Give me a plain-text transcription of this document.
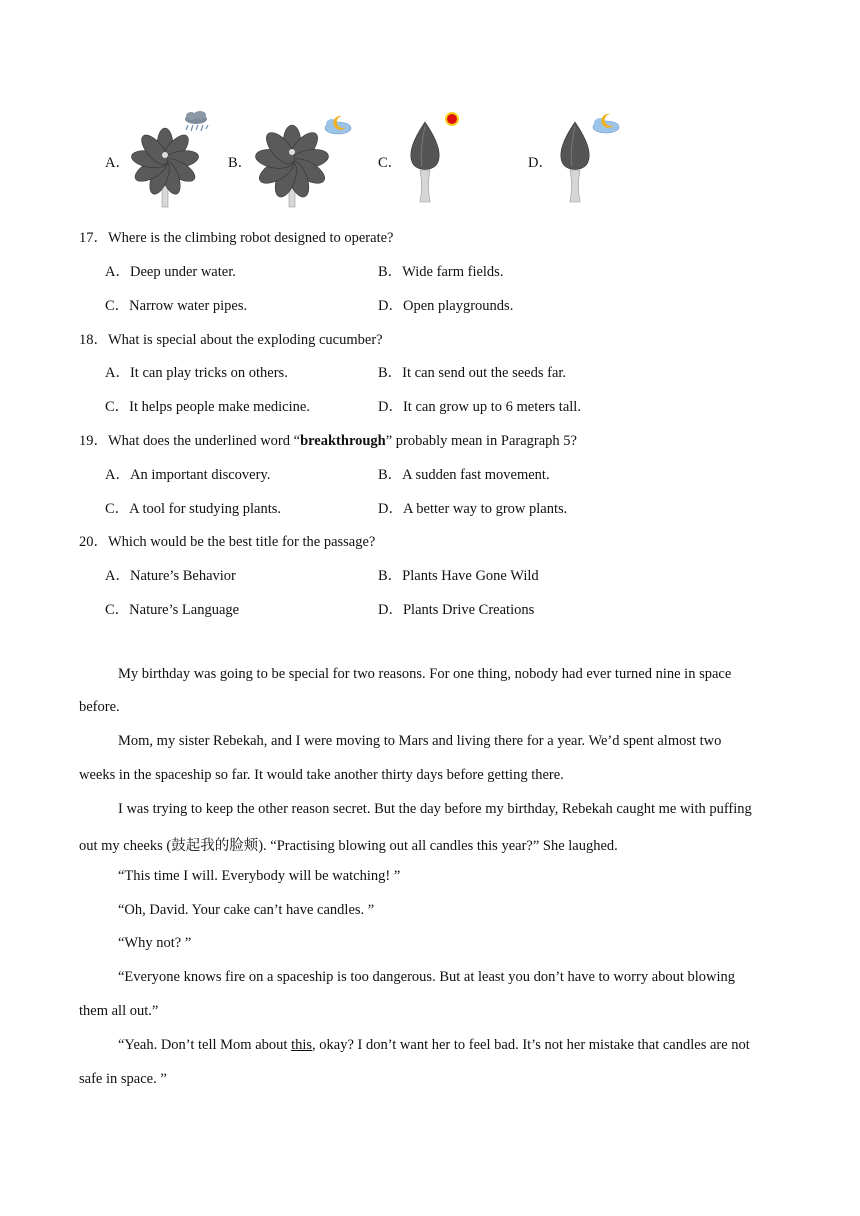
A．	B．	C．	D．
17．Where is the climbing robot designed to operate?
A．Deep under water.	B．Wide farm fields.
C．Narrow water pipes.	D．Open playgrounds.
18．What is special about the exploding cucumber?
A．It can play tricks on others.	B．It can send out the seeds far.
C．It helps people make medicine.	D．It can grow up to 6 meters tall.
19．What does the underlined word “breakthrough” probably mean in Paragraph 5?
A．An important discovery.	B．A sudden fast movement.
C．A tool for studying plants.	D．A better way to grow plants.
20．Which would be the best title for the passage?
A．Nature’s Behavior	B．Plants Have Gone Wild
C．Nature’s Language	D．Plants Drive Creations
My birthday was going to be special for two reasons. For one thing, nobody had ever turned nine in space
before.
Mom, my sister Rebekah, and I were moving to Mars and living there for a year. We’d spent almost two
weeks in the spaceship so far. It would take another thirty days before getting there.
I was trying to keep the other reason secret. But the day before my birthday, Rebekah caught me with puffing
out my cheeks (鼓起我的脸颊). “Practising blowing out all candles this year?” She laughed.
“This time I will. Everybody will be watching! ”
“Oh, David. Your cake can’t have candles. ”
“Why not? ”
“Everyone knows fire on a spaceship is too dangerous. But at least you don’t have to worry about blowing
them all out.”
“Yeah. Don’t tell Mom about this, okay? I don’t want her to feel bad. It’s not her mistake that candles are not
safe in space. ”
